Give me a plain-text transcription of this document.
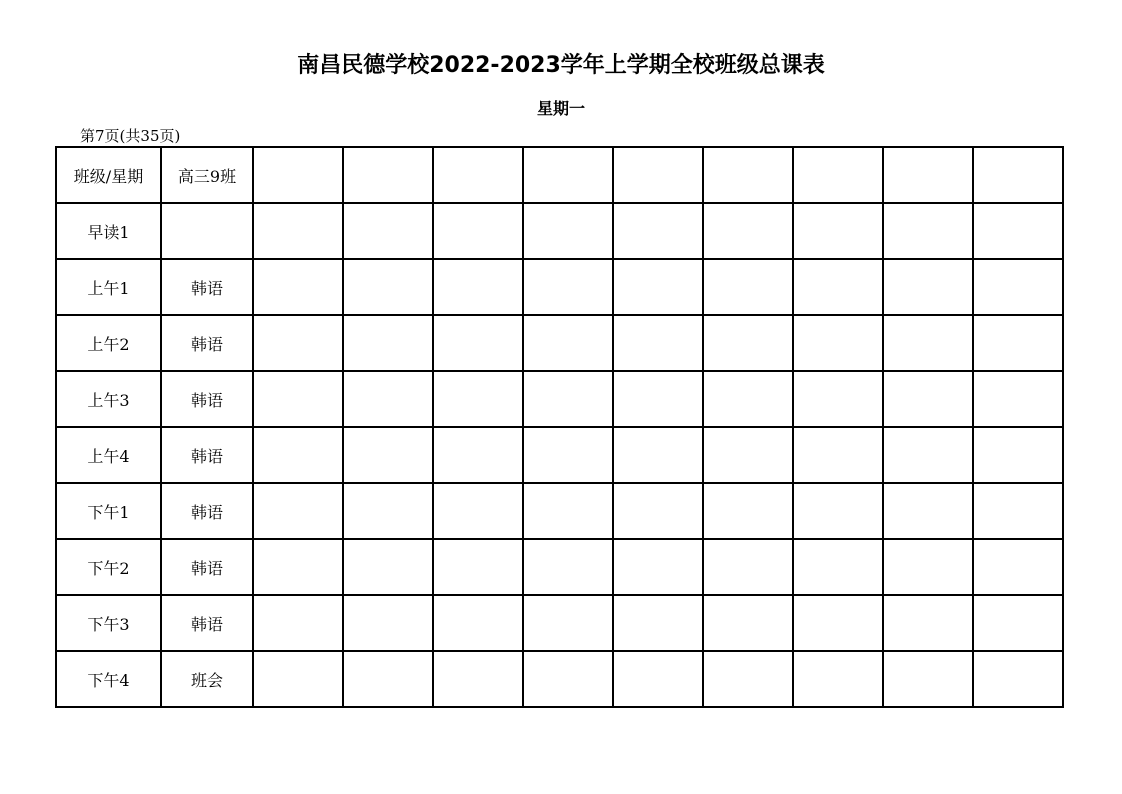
南昌民德学校2022-2023学年上学期全校班级总课表
星期一
第7页(共35页)
班级/星期	高三9班									
早读1										
上午1	韩语									
上午2	韩语									
上午3	韩语									
上午4	韩语									
下午1	韩语									
下午2	韩语									
下午3	韩语									
下午4	班会									
